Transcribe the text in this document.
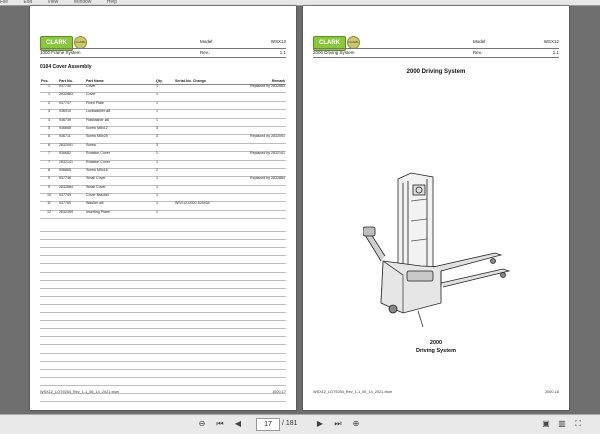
File	Edit	View	Window	Help
CLARK	CLARK	Model:	WSX12
1000 Frame System	Rev.:	1.1
0104 Cover Assembly
Pos.	Part No.	Part Name	Qty.	Serial-No. Change	Remark
1	937740	Cover	1		Replaced by 2832883
1	2832883	Cover	1		
2	937747	Fixed Plate	1		
3	936910	Lockwasher ø8	1		
4	936739	Flatwasher ø8	1		
5	936668	Screw M8x12	3		
6	936711	Screw M5x25	3		Replaced by 2832091
6	2832091	Screw	3		
7	936682	Rotation Cover	1		Replaced by 2832141
7	2832141	Rotation Cover	1		
8	936665	Screw M5x16	2		
9	937748	Small Cover	1		Replaced by 2832884
9	2832884	Small Cover	1		
10	937749	Cover Bracket	1		
11	937750	Washer ø8	1	WSX12-0000-825434	
12	2632399	Inserting Plane	1		
WSX12_LOT9254_Rev_1.1_06_14_2021.xlsm	1000-17
CLARK	CLARK	Model:	WSX12
2000 Driving System	Rev.:	1.1
2000 Driving System
2000
Driving System
WSX12_LOT9254_Rev_1.1_06_14_2021.xlsm	2000-18
⊖	⏮	◀	17	/ 181	▶	⏭	⊕	▣ ▥	⛶
